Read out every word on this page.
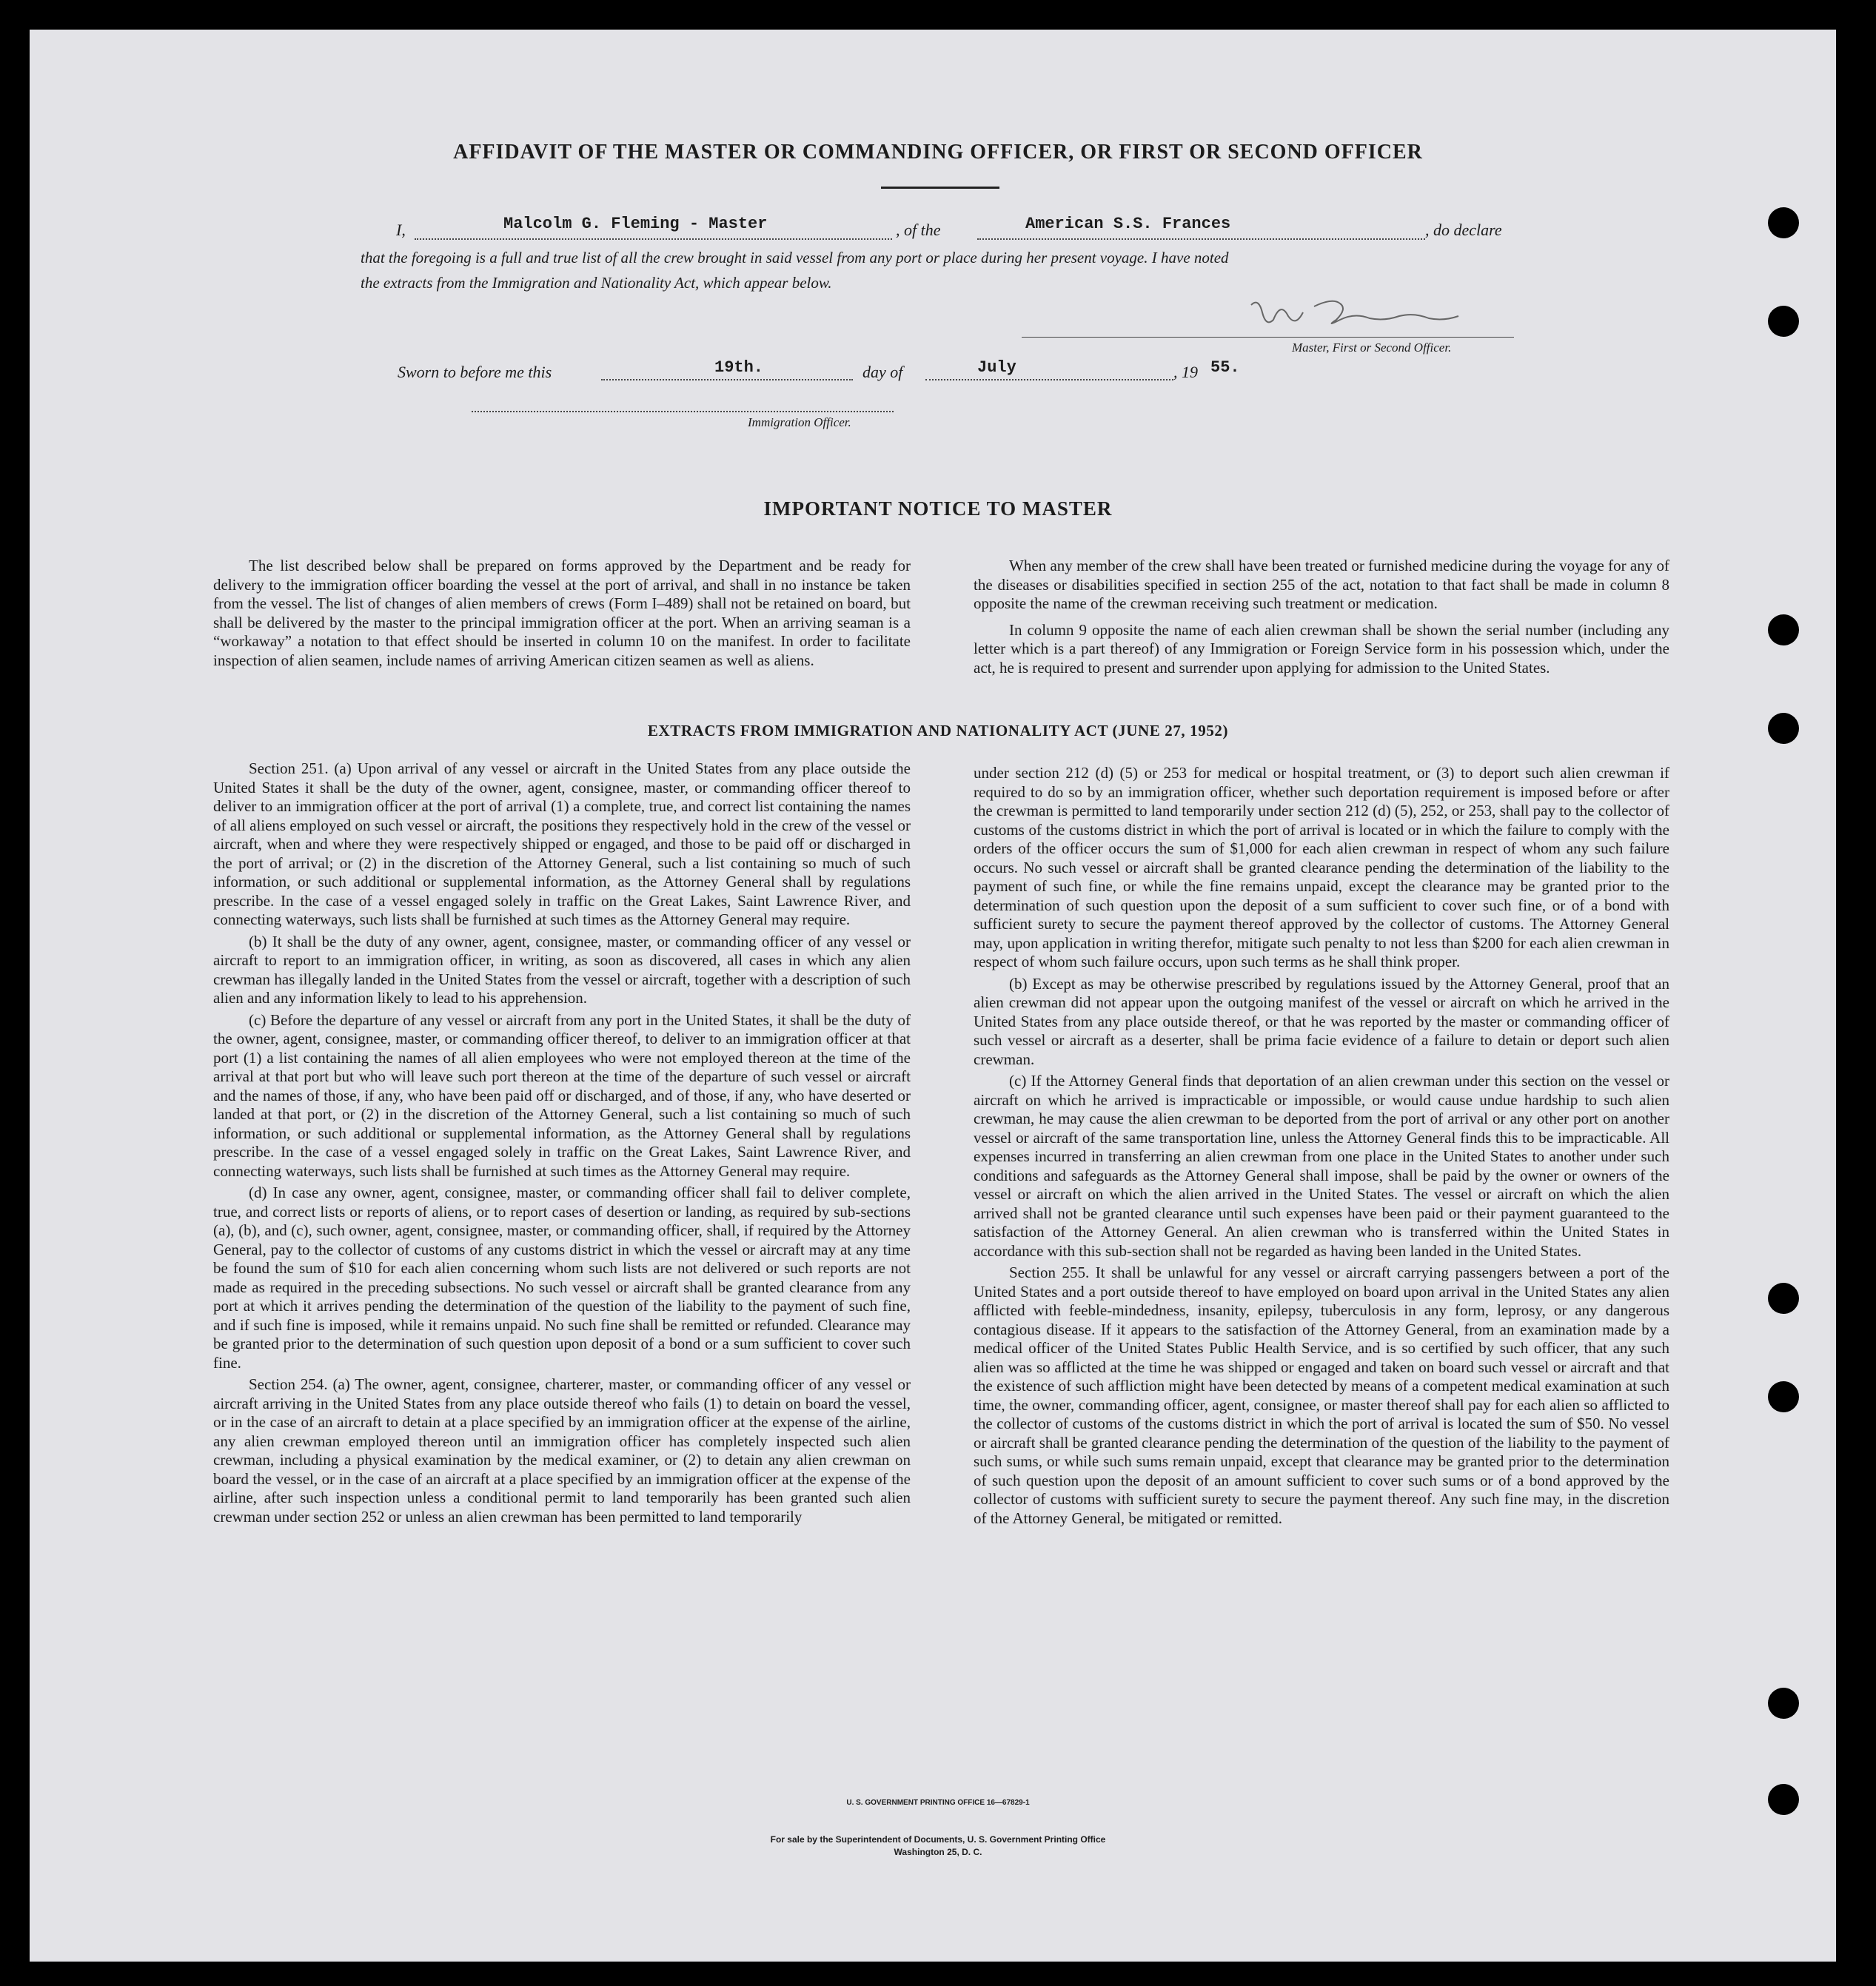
AFFIDAVIT OF THE MASTER OR COMMANDING OFFICER, OR FIRST OR SECOND OFFICER
I,	Malcolm G. Fleming - Master	, of the	American S.S. Frances	, do declare
that the foregoing is a full and true list of all the crew brought in said vessel from any port or place during her present voyage. I have noted
the extracts from the Immigration and Nationality Act, which appear below.
Master, First or Second Officer.
Sworn to before me this	19th.	day of	July	, 19 55.
Immigration Officer.
IMPORTANT NOTICE TO MASTER

The list described below shall be prepared on forms approved by the Department and be ready for delivery to the immigration officer boarding the vessel at the port of arrival, and shall in no instance be taken from the vessel. The list of changes of alien members of crews (Form I–489) shall not be retained on board, but shall be delivered by the master to the principal immigration officer at the port. When an arriving seaman is a “workaway” a notation to that effect should be inserted in column 10 on the manifest. In order to facilitate inspection of alien seamen, include names of arriving American citizen seamen as well as aliens.

When any member of the crew shall have been treated or furnished medicine during the voyage for any of the diseases or disabilities specified in section 255 of the act, notation to that fact shall be made in column 8 opposite the name of the crewman receiving such treatment or medication.

In column 9 opposite the name of each alien crewman shall be shown the serial number (including any letter which is a part thereof) of any Immigration or Foreign Service form in his possession which, under the act, he is required to present and surrender upon applying for admission to the United States.

EXTRACTS FROM IMMIGRATION AND NATIONALITY ACT (JUNE 27, 1952)

Section 251. (a) Upon arrival of any vessel or aircraft in the United States from any place outside the United States it shall be the duty of the owner, agent, consignee, master, or commanding officer thereof to deliver to an immigration officer at the port of arrival (1) a complete, true, and correct list containing the names of all aliens employed on such vessel or aircraft, the positions they respectively hold in the crew of the vessel or aircraft, when and where they were respectively shipped or engaged, and those to be paid off or discharged in the port of arrival; or (2) in the discretion of the Attorney General, such a list containing so much of such information, or such additional or supplemental information, as the Attorney General shall by regulations prescribe. In the case of a vessel engaged solely in traffic on the Great Lakes, Saint Lawrence River, and connecting waterways, such lists shall be furnished at such times as the Attorney General may require.

(b) It shall be the duty of any owner, agent, consignee, master, or commanding officer of any vessel or aircraft to report to an immigration officer, in writing, as soon as discovered, all cases in which any alien crewman has illegally landed in the United States from the vessel or aircraft, together with a description of such alien and any information likely to lead to his apprehension.

(c) Before the departure of any vessel or aircraft from any port in the United States, it shall be the duty of the owner, agent, consignee, master, or commanding officer thereof, to deliver to an immigration officer at that port (1) a list containing the names of all alien employees who were not employed thereon at the time of the arrival at that port but who will leave such port thereon at the time of the departure of such vessel or aircraft and the names of those, if any, who have been paid off or discharged, and of those, if any, who have deserted or landed at that port, or (2) in the discretion of the Attorney General, such a list containing so much of such information, or such additional or supplemental information, as the Attorney General shall by regulations prescribe. In the case of a vessel engaged solely in traffic on the Great Lakes, Saint Lawrence River, and connecting waterways, such lists shall be furnished at such times as the Attorney General may require.

(d) In case any owner, agent, consignee, master, or commanding officer shall fail to deliver complete, true, and correct lists or reports of aliens, or to report cases of desertion or landing, as required by sub-sections (a), (b), and (c), such owner, agent, consignee, master, or commanding officer, shall, if required by the Attorney General, pay to the collector of customs of any customs district in which the vessel or aircraft may at any time be found the sum of $10 for each alien concerning whom such lists are not delivered or such reports are not made as required in the preceding subsections. No such vessel or aircraft shall be granted clearance from any port at which it arrives pending the determination of the question of the liability to the payment of such fine, and if such fine is imposed, while it remains unpaid. No such fine shall be remitted or refunded. Clearance may be granted prior to the determination of such question upon deposit of a bond or a sum sufficient to cover such fine.

Section 254. (a) The owner, agent, consignee, charterer, master, or commanding officer of any vessel or aircraft arriving in the United States from any place outside thereof who fails (1) to detain on board the vessel, or in the case of an aircraft to detain at a place specified by an immigration officer at the expense of the airline, any alien crewman employed thereon until an immigration officer has completely inspected such alien crewman, including a physical examination by the medical examiner, or (2) to detain any alien crewman on board the vessel, or in the case of an aircraft at a place specified by an immigration officer at the expense of the airline, after such inspection unless a conditional permit to land temporarily has been granted such alien crewman under section 252 or unless an alien crewman has been permitted to land temporarily

under section 212 (d) (5) or 253 for medical or hospital treatment, or (3) to deport such alien crewman if required to do so by an immigration officer, whether such deportation requirement is imposed before or after the crewman is permitted to land temporarily under section 212 (d) (5), 252, or 253, shall pay to the collector of customs of the customs district in which the port of arrival is located or in which the failure to comply with the orders of the officer occurs the sum of $1,000 for each alien crewman in respect of whom any such failure occurs. No such vessel or aircraft shall be granted clearance pending the determination of the liability to the payment of such fine, or while the fine remains unpaid, except the clearance may be granted prior to the determination of such question upon the deposit of a sum sufficient to cover such fine, or of a bond with sufficient surety to secure the payment thereof approved by the collector of customs. The Attorney General may, upon application in writing therefor, mitigate such penalty to not less than $200 for each alien crewman in respect of whom such failure occurs, upon such terms as he shall think proper.

(b) Except as may be otherwise prescribed by regulations issued by the Attorney General, proof that an alien crewman did not appear upon the outgoing manifest of the vessel or aircraft on which he arrived in the United States from any place outside thereof, or that he was reported by the master or commanding officer of such vessel or aircraft as a deserter, shall be prima facie evidence of a failure to detain or deport such alien crewman.

(c) If the Attorney General finds that deportation of an alien crewman under this section on the vessel or aircraft on which he arrived is impracticable or impossible, or would cause undue hardship to such alien crewman, he may cause the alien crewman to be deported from the port of arrival or any other port on another vessel or aircraft of the same transportation line, unless the Attorney General finds this to be impracticable. All expenses incurred in transferring an alien crewman from one place in the United States to another under such conditions and safeguards as the Attorney General shall impose, shall be paid by the owner or owners of the vessel or aircraft on which the alien arrived in the United States. The vessel or aircraft on which the alien arrived shall not be granted clearance until such expenses have been paid or their payment guaranteed to the satisfaction of the Attorney General. An alien crewman who is transferred within the United States in accordance with this sub-section shall not be regarded as having been landed in the United States.

Section 255. It shall be unlawful for any vessel or aircraft carrying passengers between a port of the United States and a port outside thereof to have employed on board upon arrival in the United States any alien afflicted with feeble-mindedness, insanity, epilepsy, tuberculosis in any form, leprosy, or any dangerous contagious disease. If it appears to the satisfaction of the Attorney General, from an examination made by a medical officer of the United States Public Health Service, and is so certified by such officer, that any such alien was so afflicted at the time he was shipped or engaged and taken on board such vessel or aircraft and that the existence of such affliction might have been detected by means of a competent medical examination at such time, the owner, commanding officer, agent, consignee, or master thereof shall pay for each alien so afflicted to the collector of customs of the customs district in which the port of arrival is located the sum of $50. No vessel or aircraft shall be granted clearance pending the determination of the question of the liability to the payment of such sums, or while such sums remain unpaid, except that clearance may be granted prior to the determination of such question upon the deposit of an amount sufficient to cover such sums or of a bond approved by the collector of customs with sufficient surety to secure the payment thereof. Any such fine may, in the discretion of the Attorney General, be mitigated or remitted.

U. S. GOVERNMENT PRINTING OFFICE 16—67829-1
For sale by the Superintendent of Documents, U. S. Government Printing Office
Washington 25, D. C.
